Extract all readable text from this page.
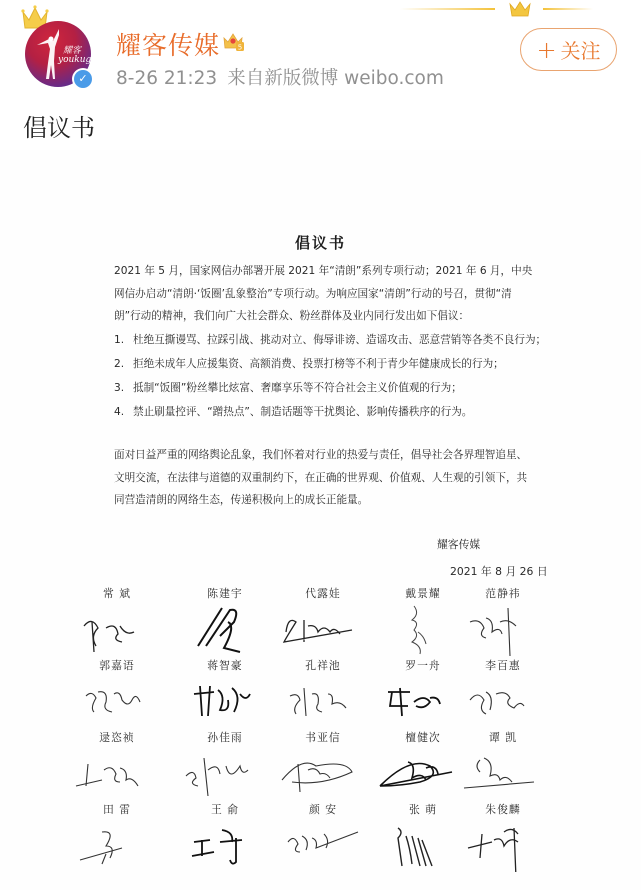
耀客
youkug
✓
耀客传媒	5
8-26 21:23 来自新版微博 weibo.com
+ 关注
倡议书
倡议书
2021 年 5 月，国家网信办部署开展 2021 年“清朗”系列专项行动；2021 年 6 月，中央网信办启动“清朗·‘饭圈’乱象整治”专项行动。为响应国家“清朗”行动的号召，贯彻“清朗”行动的精神，我们向广大社会群众、粉丝群体及业内同行发出如下倡议：
1. 杜绝互撕谩骂、拉踩引战、挑动对立、侮辱诽谤、造谣攻击、恶意营销等各类不良行为；
2. 拒绝未成年人应援集资、高额消费、投票打榜等不利于青少年健康成长的行为；
3. 抵制“饭圈”粉丝攀比炫富、奢靡享乐等不符合社会主义价值观的行为；
4. 禁止刷量控评、“蹭热点”、制造话题等干扰舆论、影响传播秩序的行为。
面对日益严重的网络舆论乱象，我们怀着对行业的热爱与责任，倡导社会各界理智追星、文明交流，在法律与道德的双重制约下，在正确的世界观、价值观、人生观的引领下，共同营造清朗的网络生态，传递积极向上的成长正能量。
耀客传媒
2021 年 8 月 26 日
常 斌	陈建宇	代露娃	戴景耀	范静祎
郭嘉语	蒋智豪	孔祥池	罗一舟	李百惠
逯恣祯	孙佳雨	书亚信	檀健次	谭 凯
田 雷	王 俞	颜 安	张 萌	朱俊麟
